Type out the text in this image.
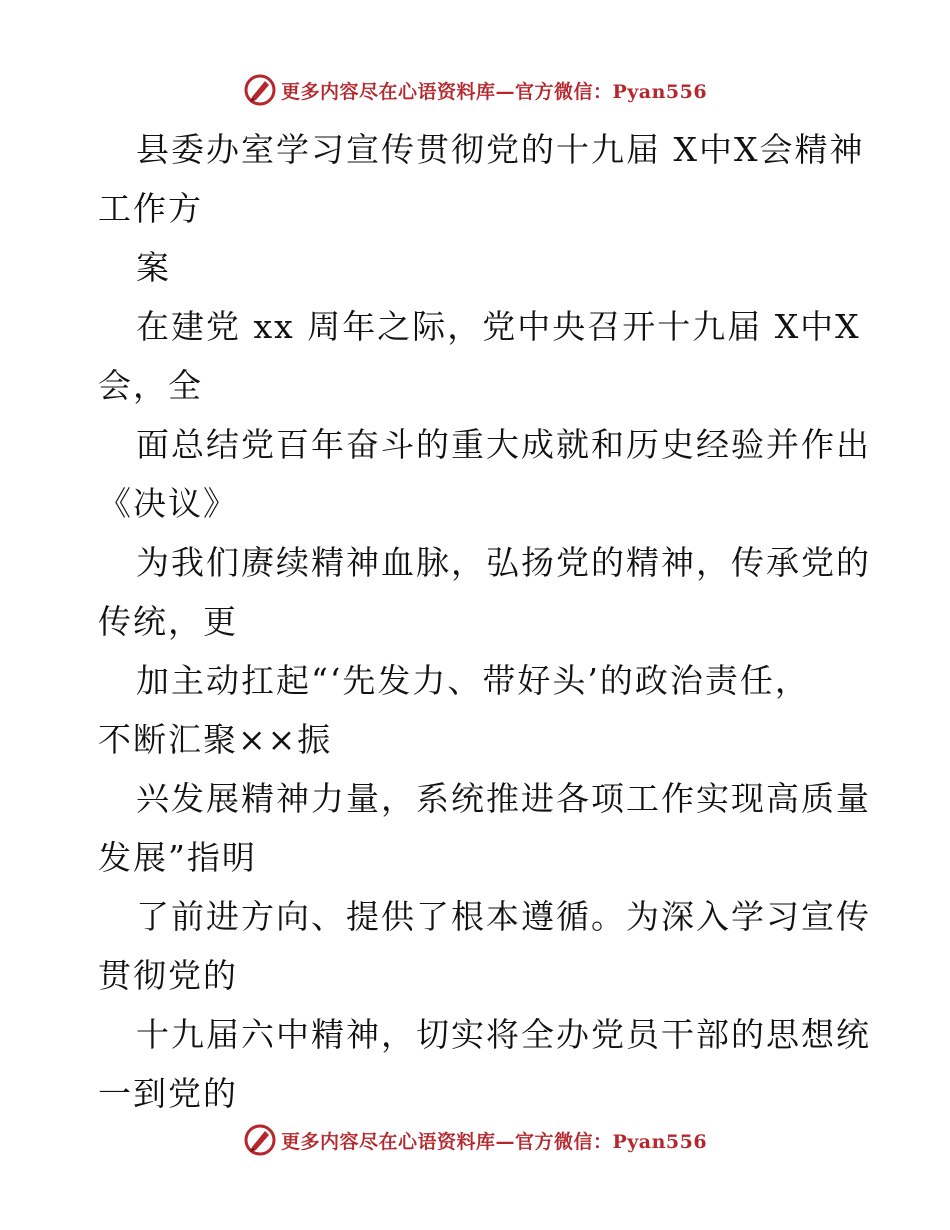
更多内容尽在心语资料库—官方微信：Pyan556
县委办室学习宣传贯彻党的十九届 X中X会精神
工作方
案
在建党 xx 周年之际，党中央召开十九届 X中X
会，全
面总结党百年奋斗的重大成就和历史经验并作出
《决议》
为我们赓续精神血脉，弘扬党的精神，传承党的
传统，更
加主动扛起“‘先发力、带好头’的政治责任，
不断汇聚××振
兴发展精神力量，系统推进各项工作实现高质量
发展”指明
了前进方向、提供了根本遵循。为深入学习宣传
贯彻党的
十九届六中精神，切实将全办党员干部的思想统
一到党的
更多内容尽在心语资料库—官方微信：Pyan556
